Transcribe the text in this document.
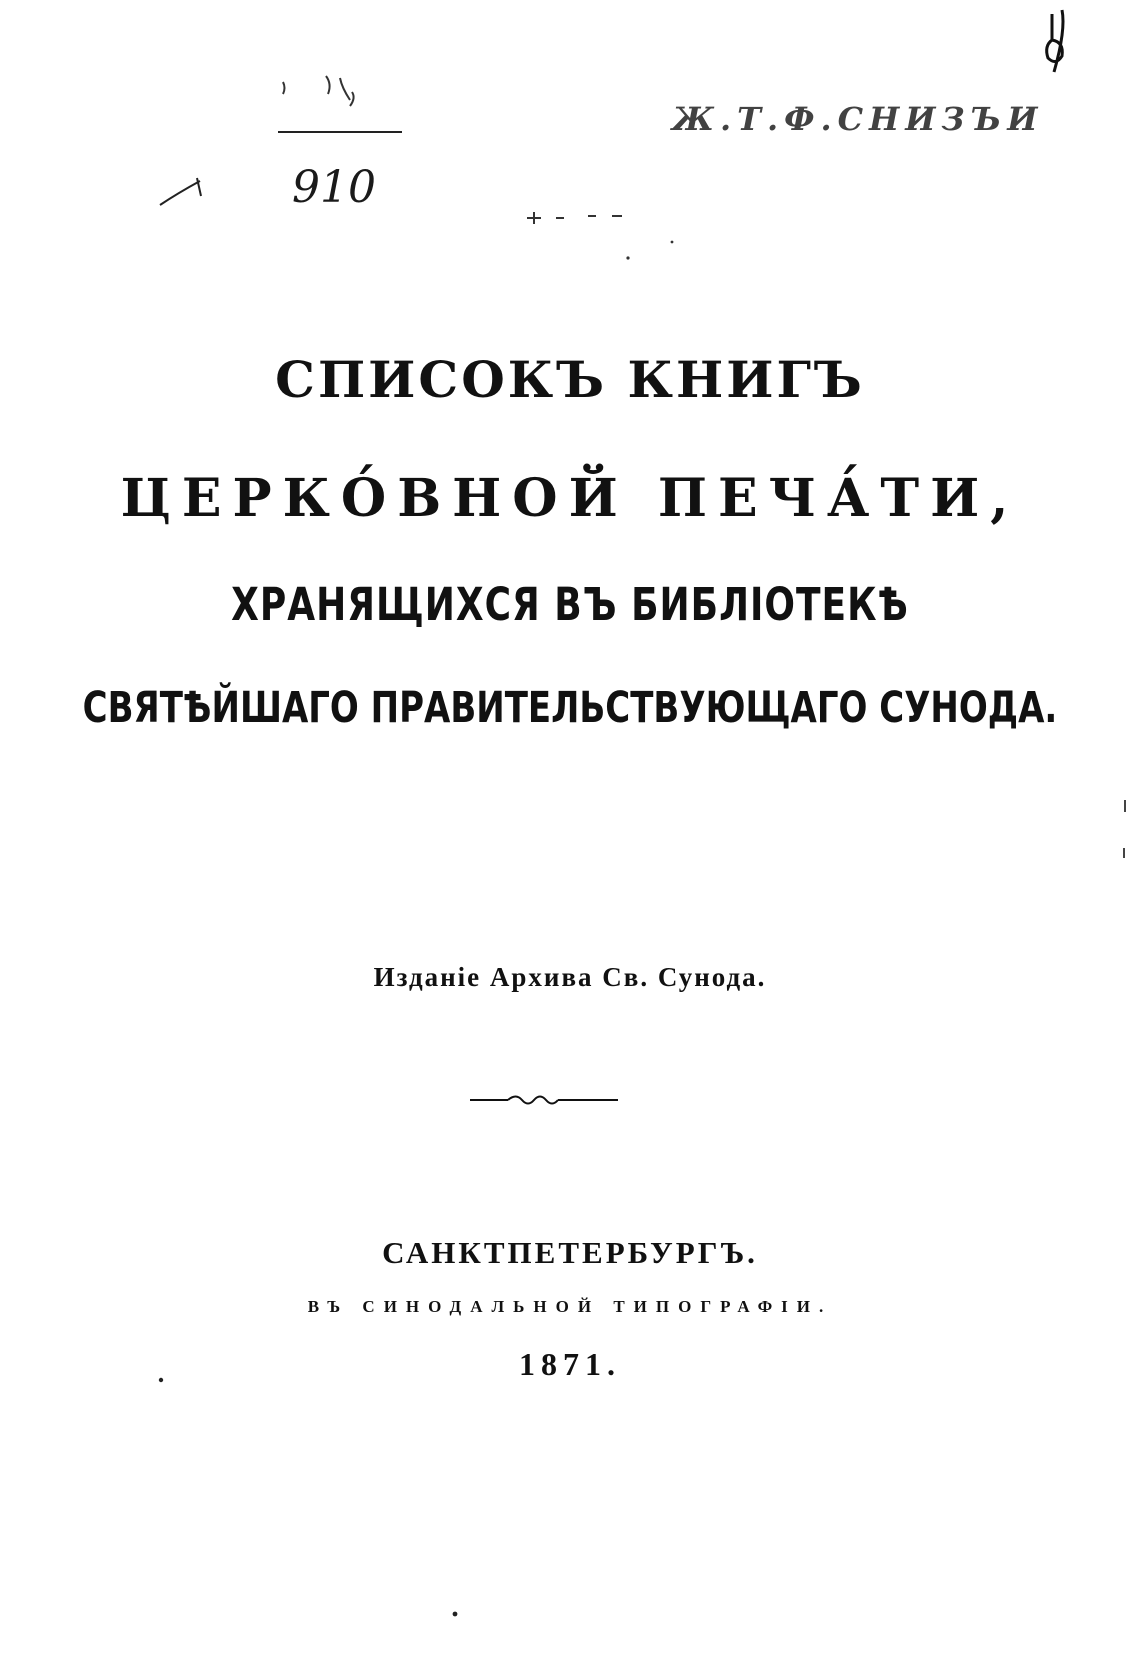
Ж.Т.Ф.СНИЗЪИ
910
СПИСОКЪ КНИГЪ
ЦЕРКО́ВНОЙ ПЕЧА́ТИ,
ХРАНЯЩИХСЯ ВЪ БИБЛІОТЕКѢ
СВЯТѢЙШАГО ПРАВИТЕЛЬСТВУЮЩАГО СУНОДА.
Изданіе Архива Св. Сунода.
САНКТПЕТЕРБУРГЪ.
ВЪ СИНОДАЛЬНОЙ ТИПОГРАФІИ.
1871.
